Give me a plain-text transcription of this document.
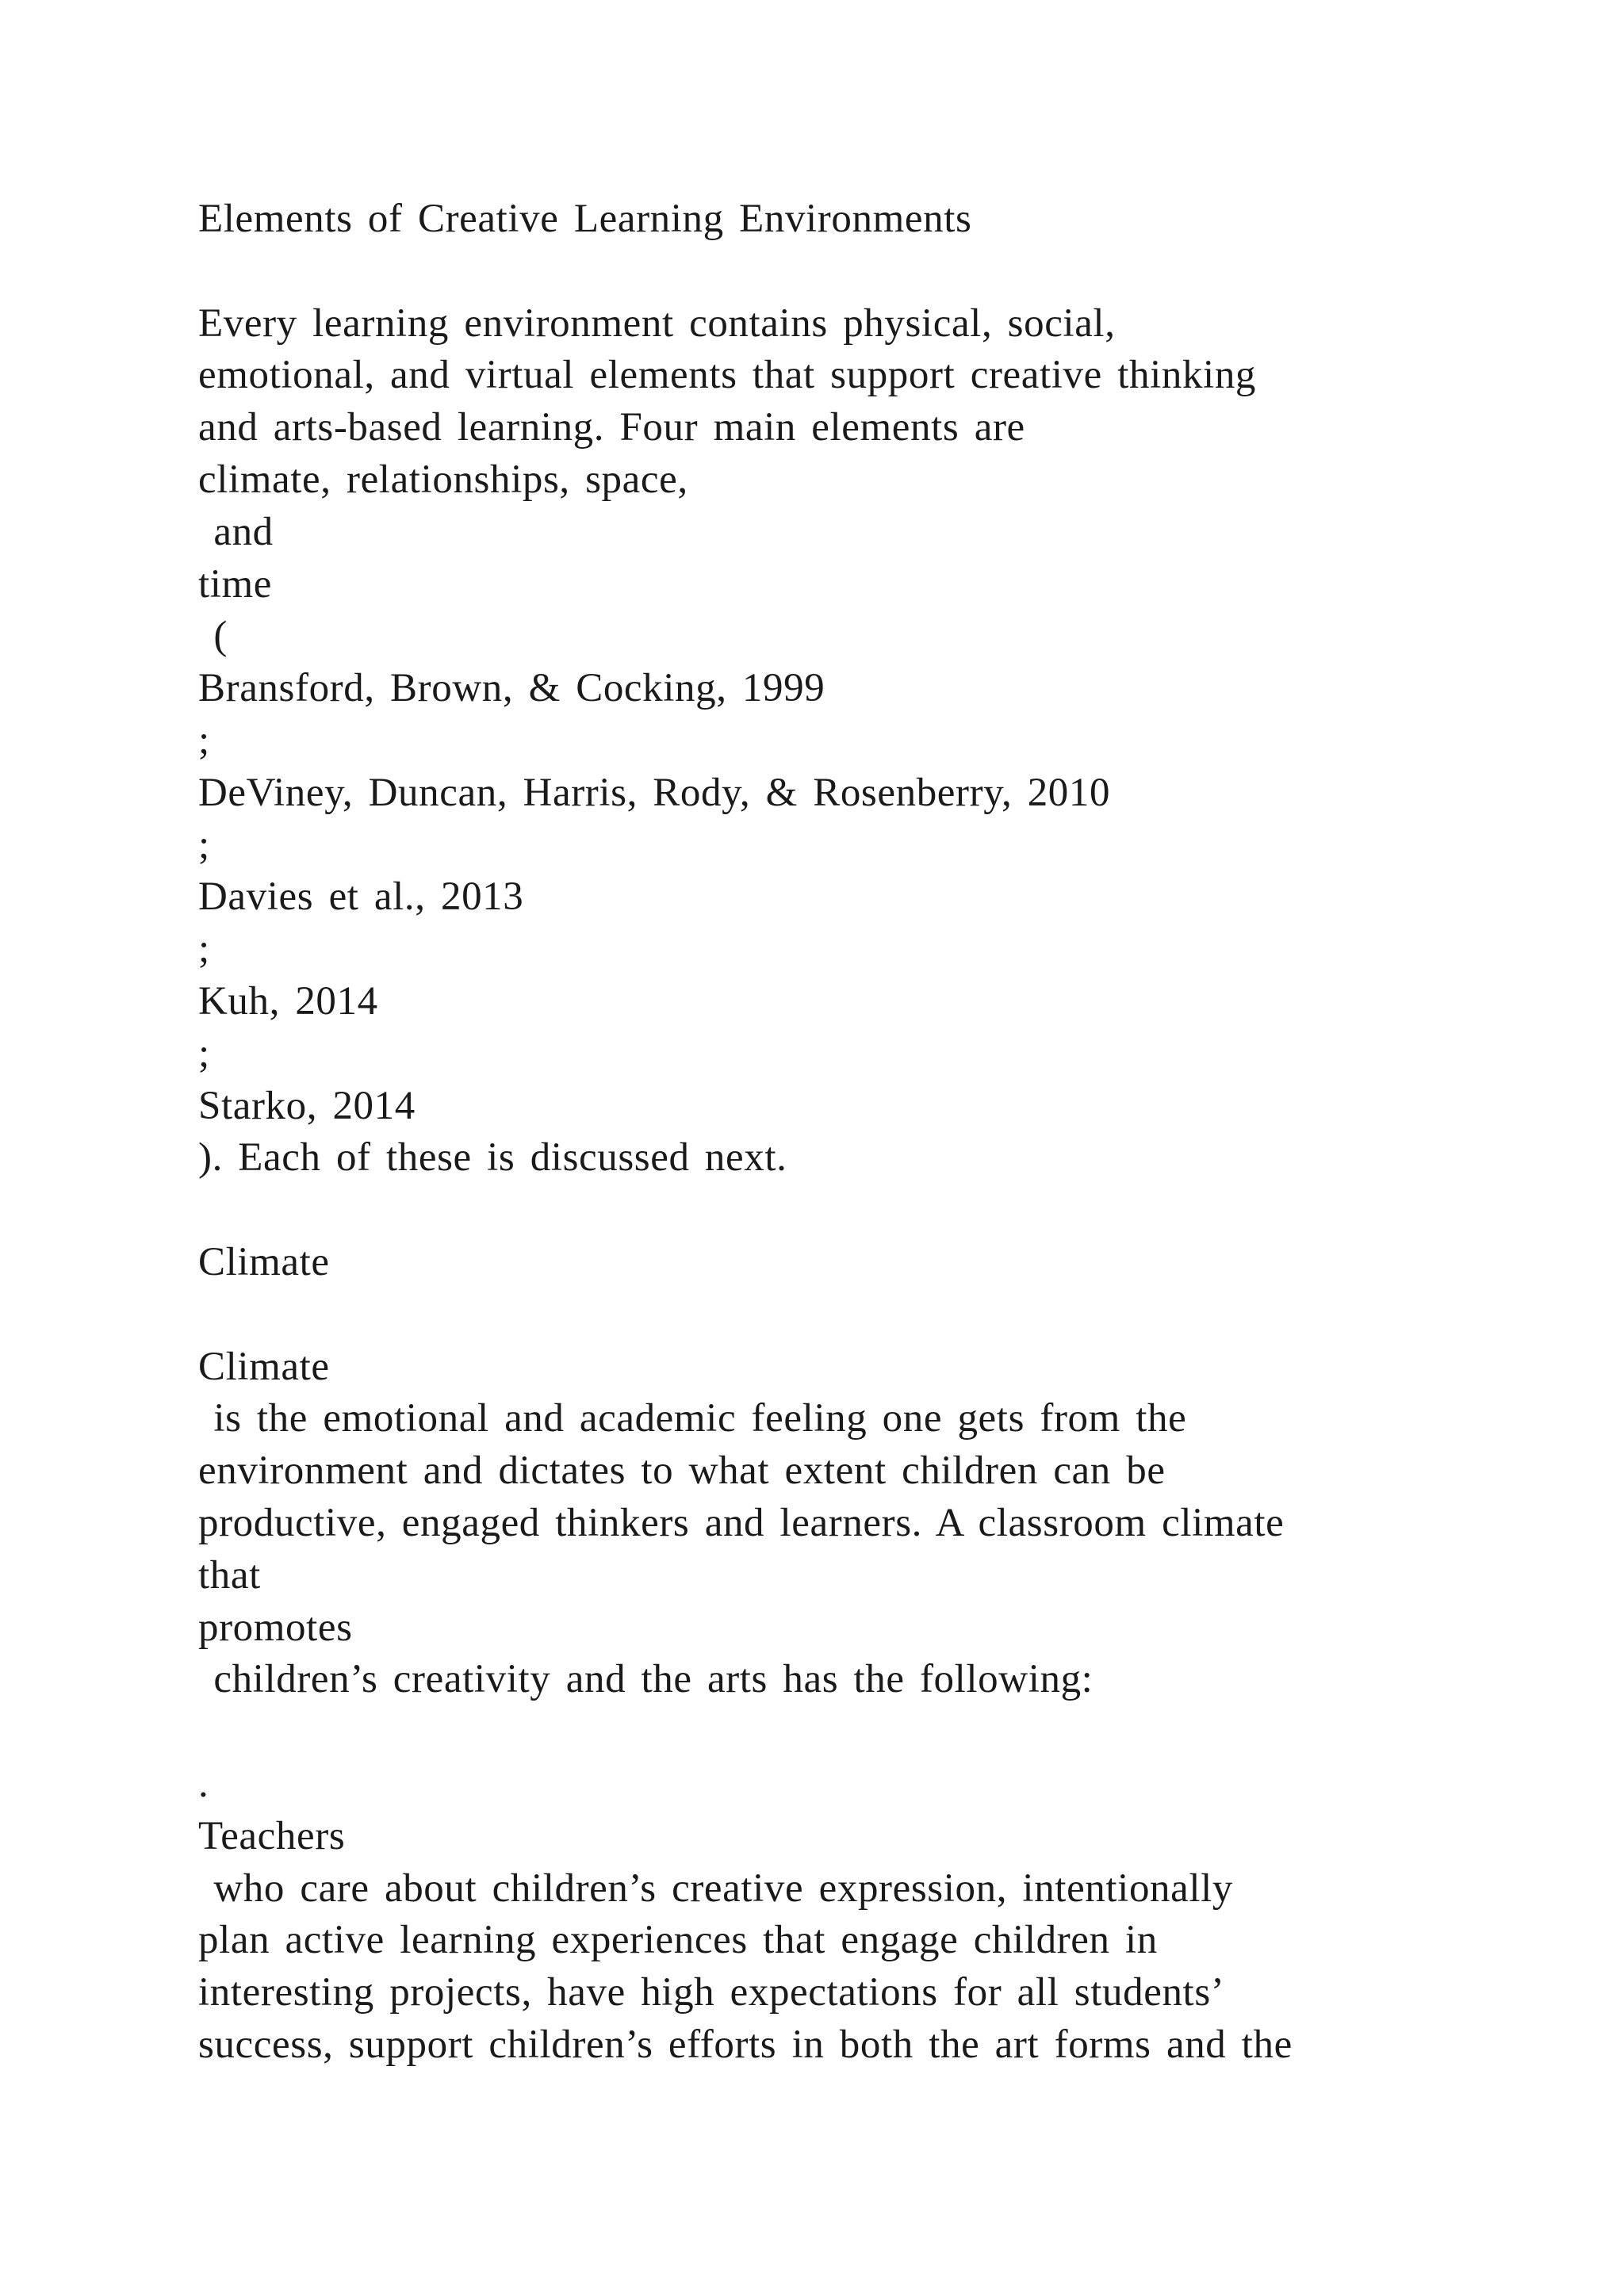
Elements of Creative Learning Environments
Every learning environment contains physical, social,
emotional, and virtual elements that support creative thinking
and arts-based learning. Four main elements are
climate, relationships, space,
and
time
(
Bransford, Brown, & Cocking, 1999
;
DeViney, Duncan, Harris, Rody, & Rosenberry, 2010
;
Davies et al., 2013
;
Kuh, 2014
;
Starko, 2014
). Each of these is discussed next.
Climate
Climate
is the emotional and academic feeling one gets from the
environment and dictates to what extent children can be
productive, engaged thinkers and learners. A classroom climate
that
promotes
children’s creativity and the arts has the following:
.
Teachers
who care about children’s creative expression, intentionally
plan active learning experiences that engage children in
interesting projects, have high expectations for all students’
success, support children’s efforts in both the art forms and the
